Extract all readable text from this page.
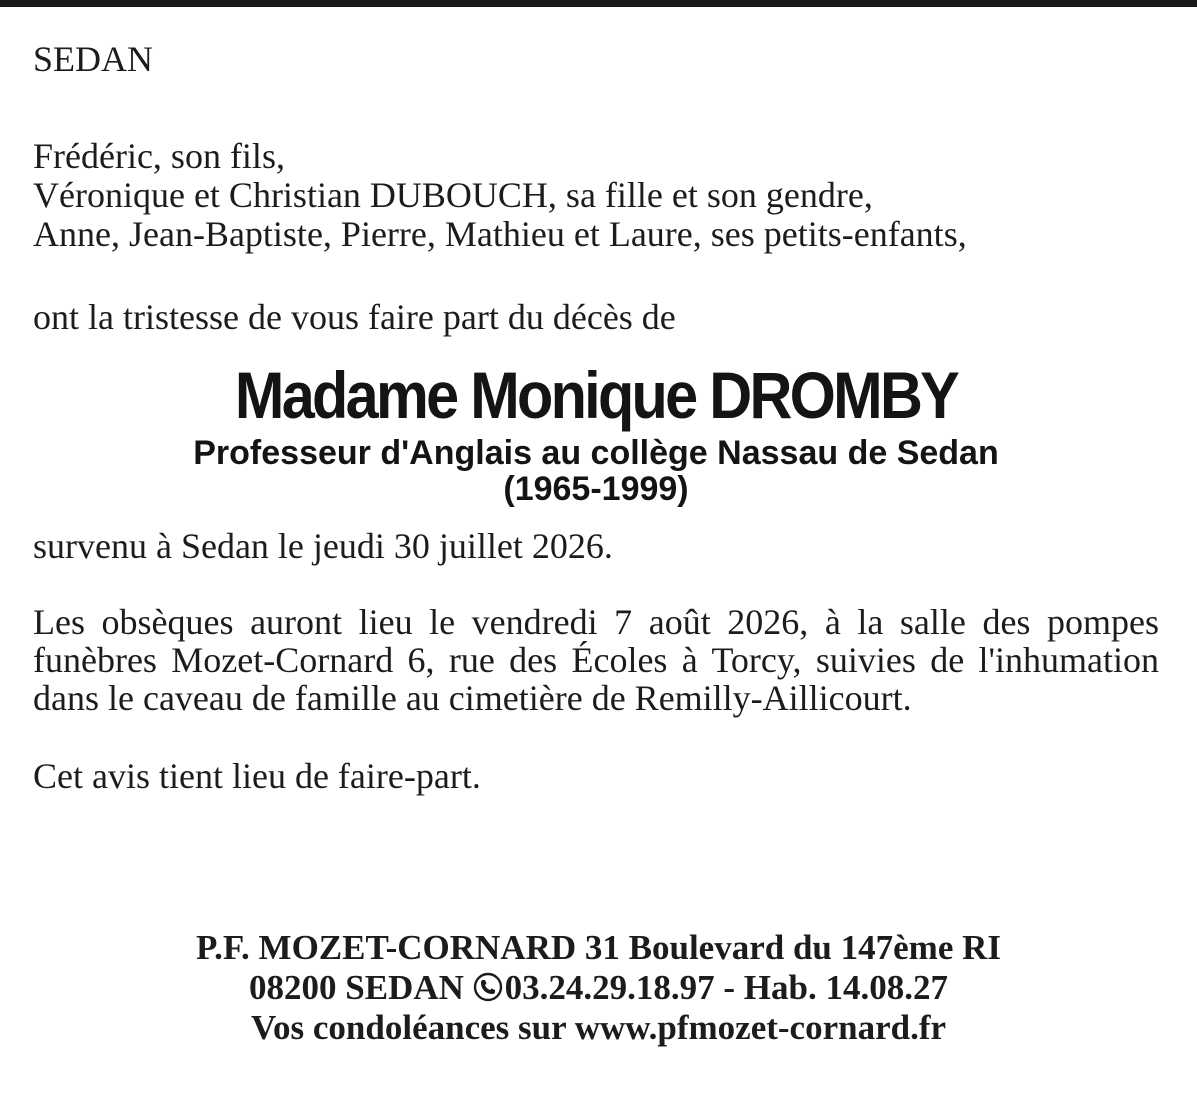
SEDAN
Frédéric, son fils,
Véronique et Christian DUBOUCH, sa fille et son gendre,
Anne, Jean-Baptiste, Pierre, Mathieu et Laure, ses petits-enfants,
ont la tristesse de vous faire part du décès de
Madame Monique DROMBY
Professeur d'Anglais au collège Nassau de Sedan
(1965-1999)
survenu à Sedan le jeudi 30 juillet 2026.
Les obsèques auront lieu le vendredi 7 août 2026, à la salle des pompes funèbres Mozet-Cornard 6, rue des Écoles à Torcy, suivies de l'inhumation dans le caveau de famille au cimetière de Remilly-Aillicourt.
Cet avis tient lieu de faire-part.
P.F. MOZET-CORNARD 31 Boulevard du 147ème RI
08200 SEDAN 03.24.29.18.97 - Hab. 14.08.27
Vos condoléances sur www.pfmozet-cornard.fr
